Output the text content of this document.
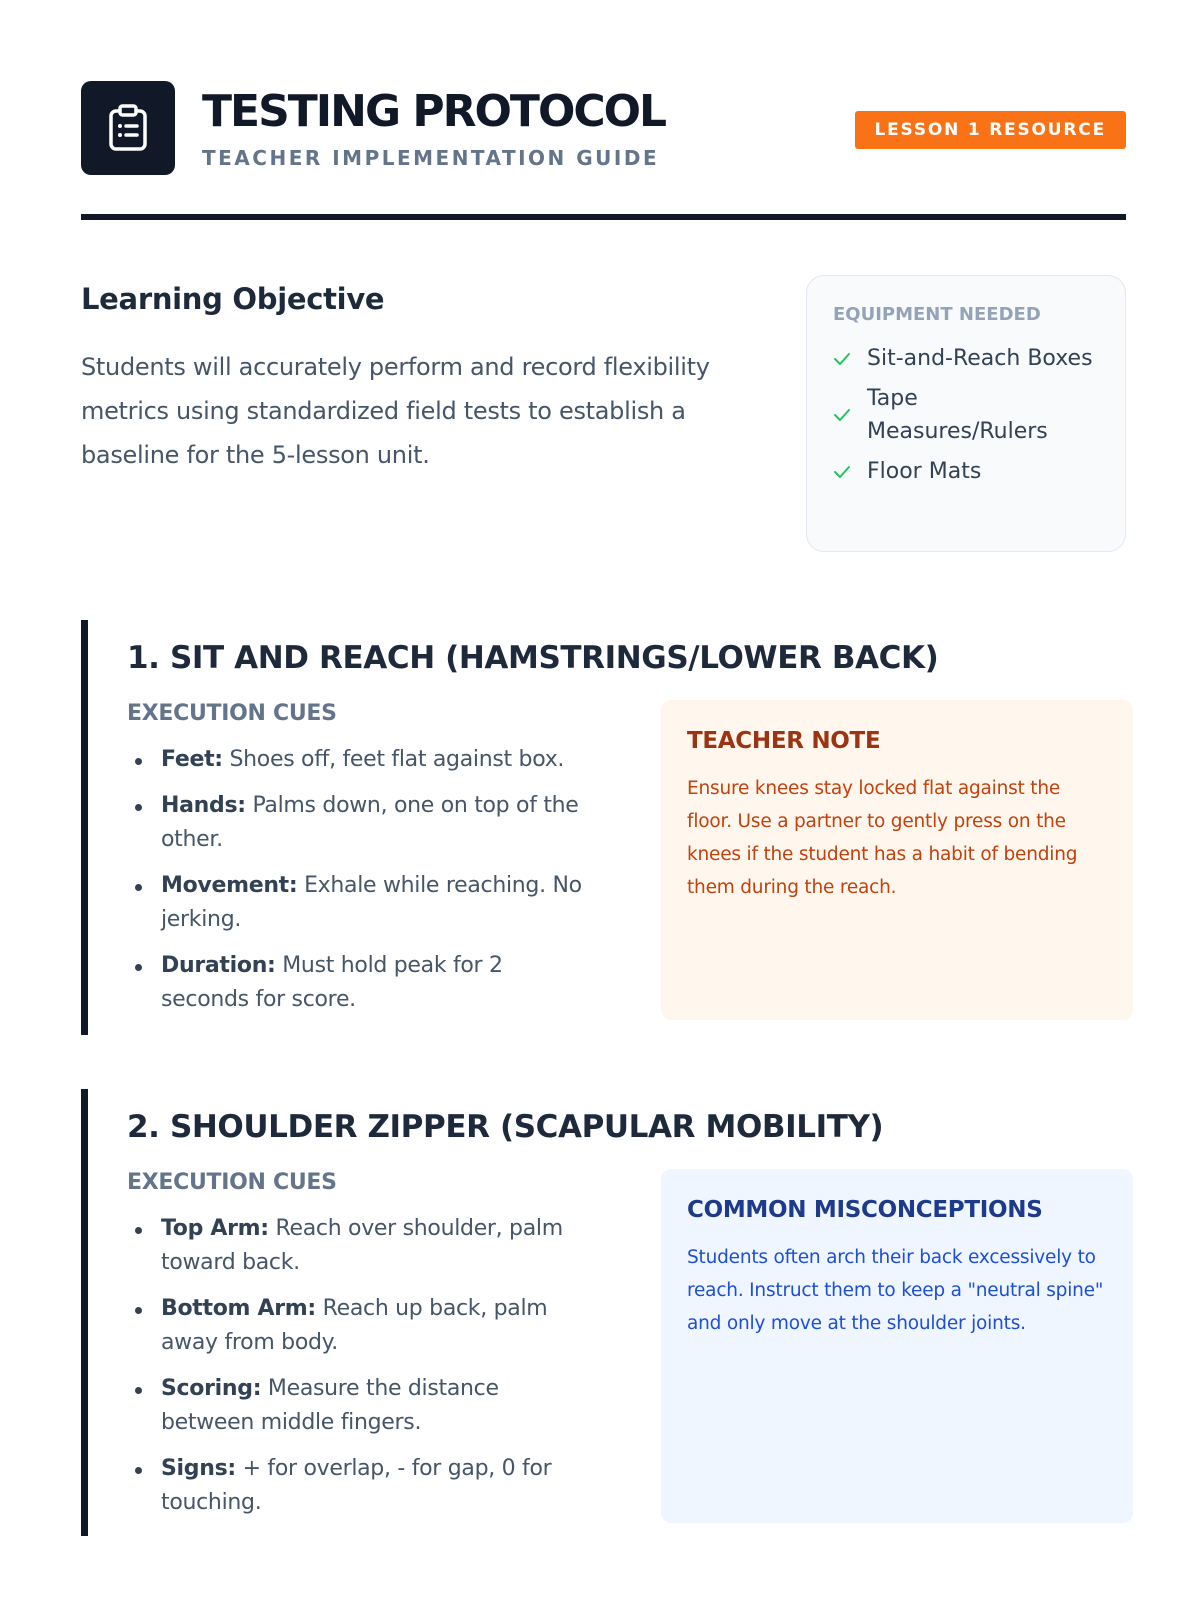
TESTING PROTOCOL
TEACHER IMPLEMENTATION GUIDE
LESSON 1 RESOURCE
Learning Objective

Students will accurately perform and record flexibility metrics using standardized field tests to establish a baseline for the 5-lesson unit.

EQUIPMENT NEEDED
Sit-and-Reach Boxes
Tape Measures/Rulers
Floor Mats
1. SIT AND REACH (HAMSTRINGS/LOWER BACK)
EXECUTION CUES
Feet: Shoes off, feet flat against box.
Hands: Palms down, one on top of the other.
Movement: Exhale while reaching. No jerking.
Duration: Must hold peak for 2 seconds for score.
TEACHER NOTE
Ensure knees stay locked flat against the floor. Use a partner to gently press on the knees if the student has a habit of bending them during the reach.
2. SHOULDER ZIPPER (SCAPULAR MOBILITY)
EXECUTION CUES
Top Arm: Reach over shoulder, palm toward back.
Bottom Arm: Reach up back, palm away from body.
Scoring: Measure the distance between middle fingers.
Signs: + for overlap, - for gap, 0 for touching.
COMMON MISCONCEPTIONS
Students often arch their back excessively to reach. Instruct them to keep a "neutral spine" and only move at the shoulder joints.
